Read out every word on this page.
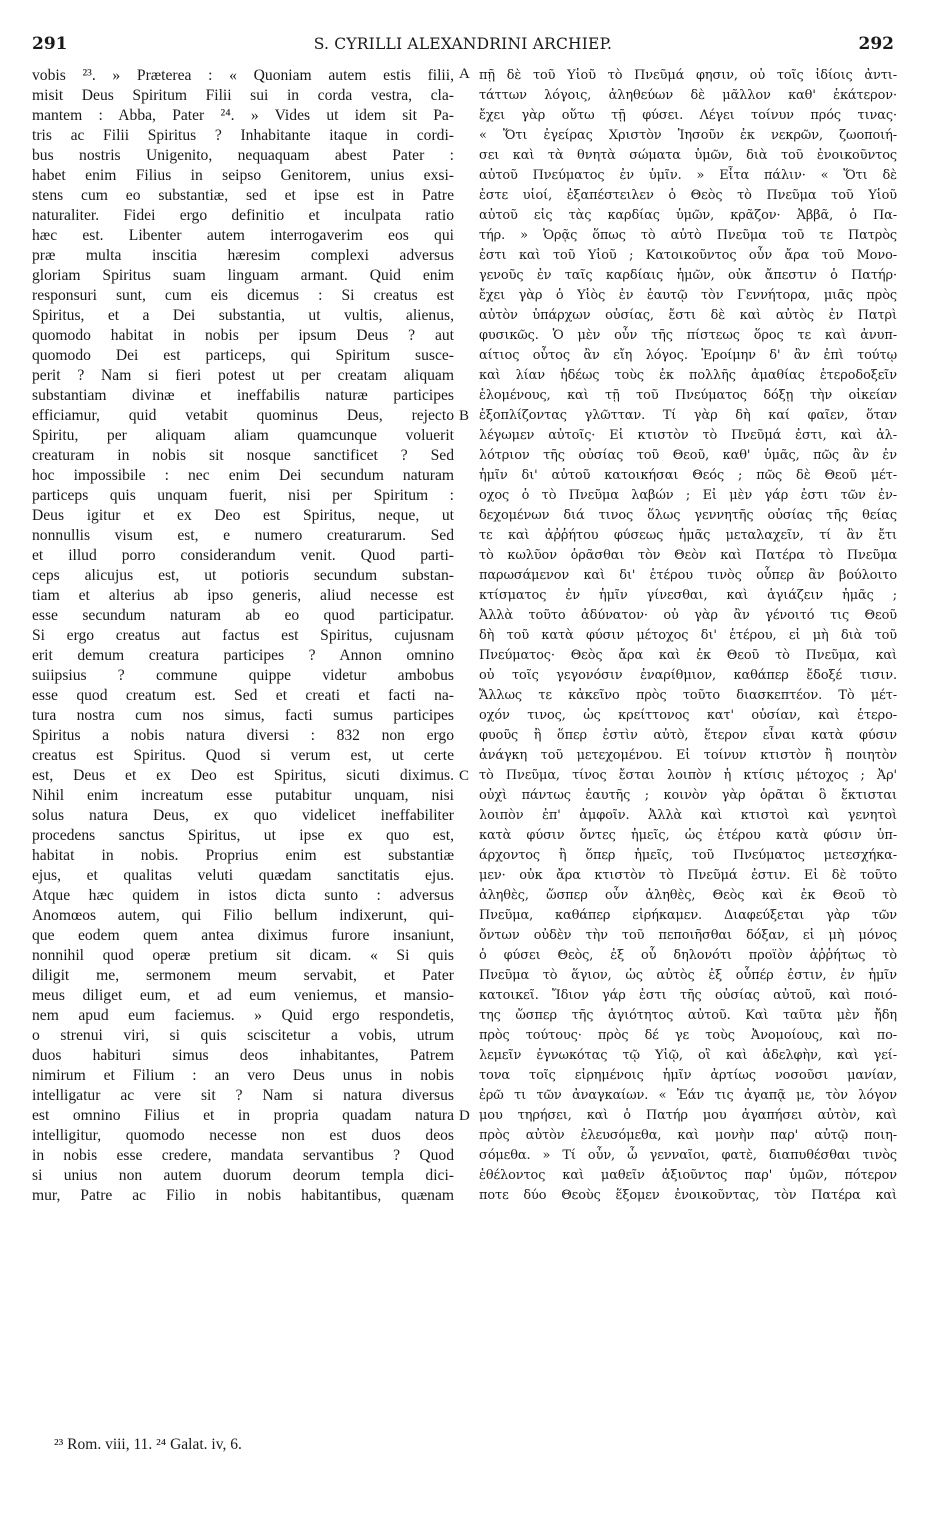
291	S. CYRILLI ALEXANDRINI ARCHIEP.	292
vobis ²³. » Præterea : « Quoniam autem estis filii,
misit Deus Spiritum Filii sui in corda vestra, cla-
mantem : Abba, Pater ²⁴. » Vides ut idem sit Pa-
tris ac Filii Spiritus ? Inhabitante itaque in cordi-
bus nostris Unigenito, nequaquam abest Pater :
habet enim Filius in seipso Genitorem, unius exsi-
stens cum eo substantiæ, sed et ipse est in Patre
naturaliter. Fidei ergo definitio et inculpata ratio
hæc est. Libenter autem interrogaverim eos qui
præ multa inscitia hæresim complexi adversus
gloriam Spiritus suam linguam armant. Quid enim
responsuri sunt, cum eis dicemus : Si creatus est
Spiritus, et a Dei substantia, ut vultis, alienus,
quomodo habitat in nobis per ipsum Deus ? aut
quomodo Dei est particeps, qui Spiritum susce-
perit ? Nam si fieri potest ut per creatam aliquam
substantiam divinæ et ineffabilis naturæ participes
efficiamur, quid vetabit quominus Deus, rejecto
Spiritu, per aliquam aliam quamcunque voluerit
creaturam in nobis sit nosque sanctificet ? Sed
hoc impossibile : nec enim Dei secundum naturam
particeps quis unquam fuerit, nisi per Spiritum :
Deus igitur et ex Deo est Spiritus, neque, ut
nonnullis visum est, e numero creaturarum. Sed
et illud porro considerandum venit. Quod parti-
ceps alicujus est, ut potioris secundum substan-
tiam et alterius ab ipso generis, aliud necesse est
esse secundum naturam ab eo quod participatur.
Si ergo creatus aut factus est Spiritus, cujusnam
erit demum creatura participes ? Annon omnino
suiipsius ? commune quippe videtur ambobus
esse quod creatum est. Sed et creati et facti na-
tura nostra cum nos simus, facti sumus participes
Spiritus a nobis natura diversi : 832 non ergo
creatus est Spiritus. Quod si verum est, ut certe
est, Deus et ex Deo est Spiritus, sicuti diximus.
Nihil enim increatum esse putabitur unquam, nisi
solus natura Deus, ex quo videlicet ineffabiliter
procedens sanctus Spiritus, ut ipse ex quo est,
habitat in nobis. Proprius enim est substantiæ
ejus, et qualitas veluti quædam sanctitatis ejus.
Atque hæc quidem in istos dicta sunto : adversus
Anomœos autem, qui Filio bellum indixerunt, qui-
que eodem quem antea diximus furore insaniunt,
nonnihil quod operæ pretium sit dicam. « Si quis
diligit me, sermonem meum servabit, et Pater
meus diliget eum, et ad eum veniemus, et mansio-
nem apud eum faciemus. » Quid ergo respondetis,
o strenui viri, si quis sciscitetur a vobis, utrum
duos habituri simus deos inhabitantes, Patrem
nimirum et Filium : an vero Deus unus in nobis
intelligatur ac vere sit ? Nam si natura diversus
est omnino Filius et in propria quadam natura
intelligitur, quomodo necesse non est duos deos
in nobis esse credere, mandata servantibus ? Quod
si unius non autem duorum deorum templa dici-
mur, Patre ac Filio in nobis habitantibus, quænam
πῇ δὲ τοῦ Υἱοῦ τὸ Πνεῦμά φησιν, οὐ τοῖς ἰδίοις ἀντι-
τάττων λόγοις, ἀληθεύων δὲ μᾶλλον καθ' ἑκάτερον·
ἔχει γὰρ οὕτω τῇ φύσει. Λέγει τοίνυν πρός τινας·
« Ὅτι ἐγείρας Χριστὸν Ἰησοῦν ἐκ νεκρῶν, ζωοποιή-
σει καὶ τὰ θνητὰ σώματα ὑμῶν, διὰ τοῦ ἐνοικοῦντος
αὐτοῦ Πνεύματος ἐν ὑμῖν. » Εἶτα πάλιν· « Ὅτι δὲ
ἐστε υἱοί, ἐξαπέστειλεν ὁ Θεὸς τὸ Πνεῦμα τοῦ Υἱοῦ
αὐτοῦ εἰς τὰς καρδίας ὑμῶν, κρᾶζον· Ἀββᾶ, ὁ Πα-
τήρ. » Ὁρᾷς ὅπως τὸ αὐτὸ Πνεῦμα τοῦ τε Πατρὸς
ἐστι καὶ τοῦ Υἱοῦ ; Κατοικοῦντος οὖν ἄρα τοῦ Μονο-
γενοῦς ἐν ταῖς καρδίαις ἡμῶν, οὐκ ἄπεστιν ὁ Πατήρ·
ἔχει γὰρ ὁ Υἱὸς ἐν ἑαυτῷ τὸν Γεννήτορα, μιᾶς πρὸς
αὐτὸν ὑπάρχων οὐσίας, ἔστι δὲ καὶ αὐτὸς ἐν Πατρὶ
φυσικῶς. Ὁ μὲν οὖν τῆς πίστεως ὅρος τε καὶ ἀνυπ-
αίτιος οὗτος ἂν εἴη λόγος. Ἐροίμην δ' ἂν ἐπὶ τούτῳ
καὶ λίαν ἡδέως τοὺς ἐκ πολλῆς ἀμαθίας ἑτεροδοξεῖν
ἑλομένους, καὶ τῇ τοῦ Πνεύματος δόξῃ τὴν οἰκείαν
ἐξοπλίζοντας γλῶτταν. Τί γὰρ δὴ καί φαῖεν, ὅταν
λέγωμεν αὐτοῖς· Εἰ κτιστὸν τὸ Πνεῦμά ἐστι, καὶ ἀλ-
λότριον τῆς οὐσίας τοῦ Θεοῦ, καθ' ὑμᾶς, πῶς ἂν ἐν
ἡμῖν δι' αὐτοῦ κατοικήσαι Θεός ; πῶς δὲ Θεοῦ μέτ-
οχος ὁ τὸ Πνεῦμα λαβών ; Εἰ μὲν γάρ ἐστι τῶν ἐν-
δεχομένων διά τινος ὅλως γεννητῆς οὐσίας τῆς θείας
τε καὶ ἀῤῥήτου φύσεως ἡμᾶς μεταλαχεῖν, τί ἂν ἔτι
τὸ κωλῦον ὁρᾶσθαι τὸν Θεὸν καὶ Πατέρα τὸ Πνεῦμα
παρωσάμενον καὶ δι' ἑτέρου τινὸς οὗπερ ἂν βούλοιτο
κτίσματος ἐν ἡμῖν γίνεσθαι, καὶ ἁγιάζειν ἡμᾶς ;
Ἀλλὰ τοῦτο ἀδύνατον· οὐ γὰρ ἂν γένοιτό τις Θεοῦ
δὴ τοῦ κατὰ φύσιν μέτοχος δι' ἑτέρου, εἰ μὴ διὰ τοῦ
Πνεύματος· Θεὸς ἄρα καὶ ἐκ Θεοῦ τὸ Πνεῦμα, καὶ
οὐ τοῖς γεγονόσιν ἐναρίθμιον, καθάπερ ἔδοξέ τισιν.
Ἄλλως τε κἀκεῖνο πρὸς τοῦτο διασκεπτέον. Τὸ μέτ-
οχόν τινος, ὡς κρείττονος κατ' οὐσίαν, καὶ ἑτερο-
φυοῦς ἢ ὅπερ ἐστὶν αὐτὸ, ἕτερον εἶναι κατὰ φύσιν
ἀνάγκη τοῦ μετεχομένου. Εἰ τοίνυν κτιστὸν ἢ ποιητὸν
τὸ Πνεῦμα, τίνος ἔσται λοιπὸν ἡ κτίσις μέτοχος ; Ἀρ'
οὐχὶ πάντως ἑαυτῆς ; κοινὸν γὰρ ὁρᾶται ὃ ἔκτισται
λοιπὸν ἐπ' ἀμφοῖν. Ἀλλὰ καὶ κτιστοὶ καὶ γενητοὶ
κατὰ φύσιν ὄντες ἡμεῖς, ὡς ἑτέρου κατὰ φύσιν ὑπ-
άρχοντος ἢ ὅπερ ἡμεῖς, τοῦ Πνεύματος μετεσχήκα-
μεν· οὐκ ἄρα κτιστὸν τὸ Πνεῦμά ἐστιν. Εἰ δὲ τοῦτο
ἀληθὲς, ὥσπερ οὖν ἀληθὲς, Θεὸς καὶ ἐκ Θεοῦ τὸ
Πνεῦμα, καθάπερ εἰρήκαμεν. Διαφεύξεται γὰρ τῶν
ὄντων οὐδὲν τὴν τοῦ πεποιῆσθαι δόξαν, εἰ μὴ μόνος
ὁ φύσει Θεὸς, ἐξ οὗ δηλονότι προϊὸν ἀῤῥήτως τὸ
Πνεῦμα τὸ ἅγιον, ὡς αὐτὸς ἐξ οὗπέρ ἐστιν, ἐν ἡμῖν
κατοικεῖ. Ἴδιον γάρ ἐστι τῆς οὐσίας αὐτοῦ, καὶ ποιό-
της ὥσπερ τῆς ἁγιότητος αὐτοῦ. Καὶ ταῦτα μὲν ἤδη
πρὸς τούτους· πρὸς δέ γε τοὺς Ἀνομοίους, καὶ πο-
λεμεῖν ἐγνωκότας τῷ Υἱῷ, οἳ καὶ ἀδελφὴν, καὶ γεί-
τονα τοῖς εἰρημένοις ἡμῖν ἀρτίως νοσοῦσι μανίαν,
ἐρῶ τι τῶν ἀναγκαίων. « Ἐάν τις ἀγαπᾷ με, τὸν λόγον
μου τηρήσει, καὶ ὁ Πατήρ μου ἀγαπήσει αὐτὸν, καὶ
πρὸς αὐτὸν ἐλευσόμεθα, καὶ μονὴν παρ' αὐτῷ ποιη-
σόμεθα. » Τί οὖν, ὦ γενναῖοι, φατὲ, διαπυθέσθαι τινὸς
ἐθέλοντος καὶ μαθεῖν ἀξιοῦντος παρ' ὑμῶν, πότερον
ποτε δύο Θεοὺς ἕξομεν ἐνοικοῦντας, τὸν Πατέρα καὶ
A
B
C
D
²³ Rom. viii, 11. ²⁴ Galat. iv, 6.
